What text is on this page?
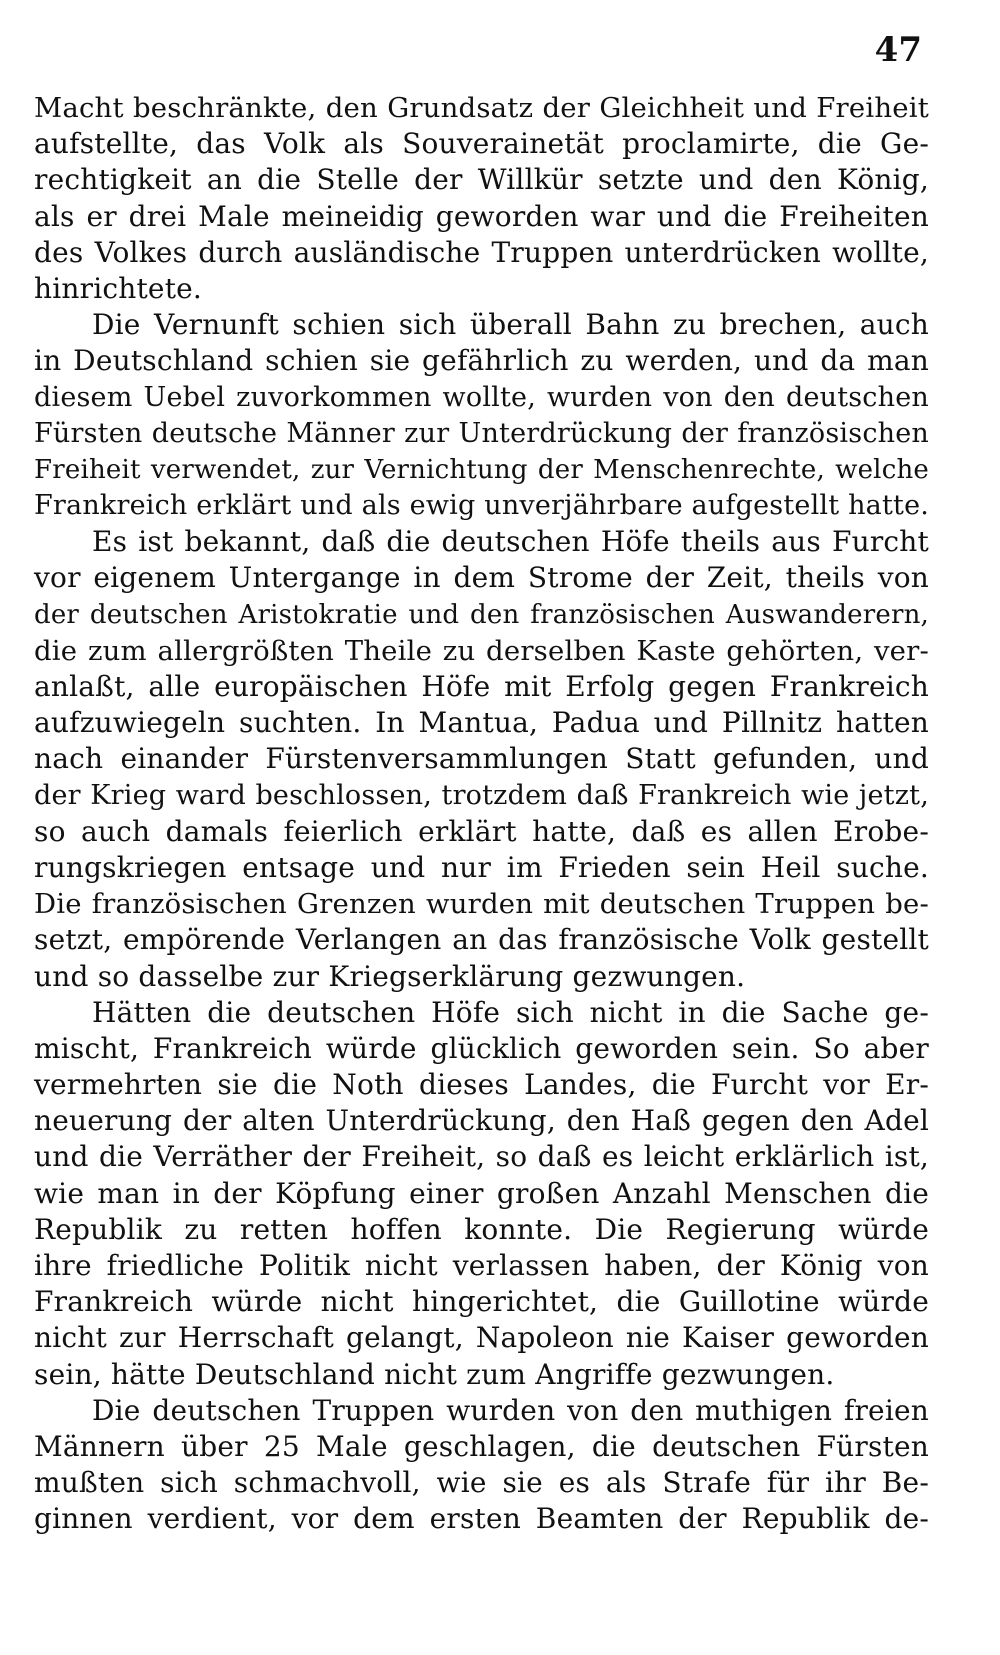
47
Macht beschränkte, den Grundsatz der Gleichheit und Freiheit
aufstellte, das Volk als Souverainetät proclamirte, die Ge-
rechtigkeit an die Stelle der Willkür setzte und den König,
als er drei Male meineidig geworden war und die Freiheiten
des Volkes durch ausländische Truppen unterdrücken wollte,
hinrichtete.
Die Vernunft schien sich überall Bahn zu brechen, auch
in Deutschland schien sie gefährlich zu werden, und da man
diesem Uebel zuvorkommen wollte, wurden von den deutschen
Fürsten deutsche Männer zur Unterdrückung der französischen
Freiheit verwendet, zur Vernichtung der Menschenrechte, welche
Frankreich erklärt und als ewig unverjährbare aufgestellt hatte.
Es ist bekannt, daß die deutschen Höfe theils aus Furcht
vor eigenem Untergange in dem Strome der Zeit, theils von
der deutschen Aristokratie und den französischen Auswanderern,
die zum allergrößten Theile zu derselben Kaste gehörten, ver-
anlaßt, alle europäischen Höfe mit Erfolg gegen Frankreich
aufzuwiegeln suchten. In Mantua, Padua und Pillnitz hatten
nach einander Fürstenversammlungen Statt gefunden, und
der Krieg ward beschlossen, trotzdem daß Frankreich wie jetzt,
so auch damals feierlich erklärt hatte, daß es allen Erobe-
rungskriegen entsage und nur im Frieden sein Heil suche.
Die französischen Grenzen wurden mit deutschen Truppen be-
setzt, empörende Verlangen an das französische Volk gestellt
und so dasselbe zur Kriegserklärung gezwungen.
Hätten die deutschen Höfe sich nicht in die Sache ge-
mischt, Frankreich würde glücklich geworden sein. So aber
vermehrten sie die Noth dieses Landes, die Furcht vor Er-
neuerung der alten Unterdrückung, den Haß gegen den Adel
und die Verräther der Freiheit, so daß es leicht erklärlich ist,
wie man in der Köpfung einer großen Anzahl Menschen die
Republik zu retten hoffen konnte. Die Regierung würde
ihre friedliche Politik nicht verlassen haben, der König von
Frankreich würde nicht hingerichtet, die Guillotine würde
nicht zur Herrschaft gelangt, Napoleon nie Kaiser geworden
sein, hätte Deutschland nicht zum Angriffe gezwungen.
Die deutschen Truppen wurden von den muthigen freien
Männern über 25 Male geschlagen, die deutschen Fürsten
mußten sich schmachvoll, wie sie es als Strafe für ihr Be-
ginnen verdient, vor dem ersten Beamten der Republik de-
